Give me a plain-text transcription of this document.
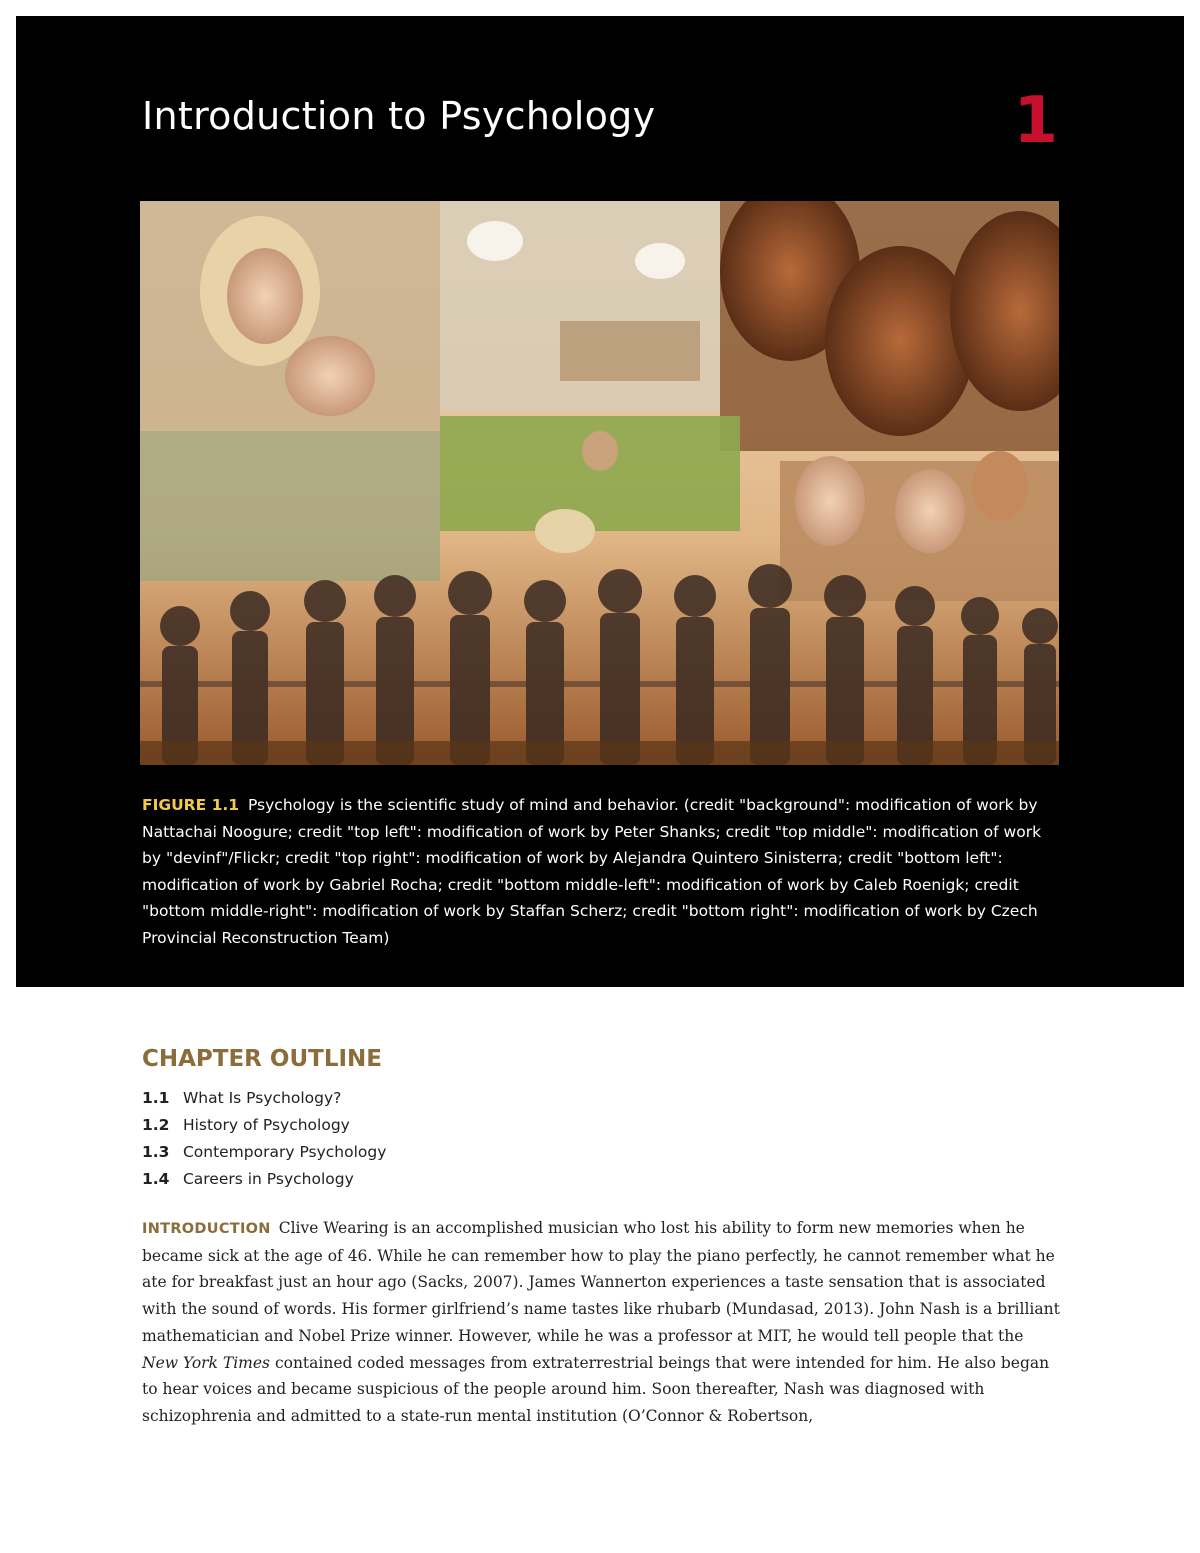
Introduction to Psychology	1

FIGURE 1.1 Psychology is the scientific study of mind and behavior. (credit "background": modification of work by Nattachai Noogure; credit "top left": modification of work by Peter Shanks; credit "top middle": modification of work by "devinf"/Flickr; credit "top right": modification of work by Alejandra Quintero Sinisterra; credit "bottom left": modification of work by Gabriel Rocha; credit "bottom middle-left": modification of work by Caleb Roenigk; credit "bottom middle-right": modification of work by Staffan Scherz; credit "bottom right": modification of work by Czech Provincial Reconstruction Team)

CHAPTER OUTLINE
1.1 What Is Psychology?
1.2 History of Psychology
1.3 Contemporary Psychology
1.4 Careers in Psychology

INTRODUCTION Clive Wearing is an accomplished musician who lost his ability to form new memories when he became sick at the age of 46. While he can remember how to play the piano perfectly, he cannot remember what he ate for breakfast just an hour ago (Sacks, 2007). James Wannerton experiences a taste sensation that is associated with the sound of words. His former girlfriend’s name tastes like rhubarb (Mundasad, 2013). John Nash is a brilliant mathematician and Nobel Prize winner. However, while he was a professor at MIT, he would tell people that the New York Times contained coded messages from extraterrestrial beings that were intended for him. He also began to hear voices and became suspicious of the people around him. Soon thereafter, Nash was diagnosed with schizophrenia and admitted to a state-run mental institution (O’Connor & Robertson,
